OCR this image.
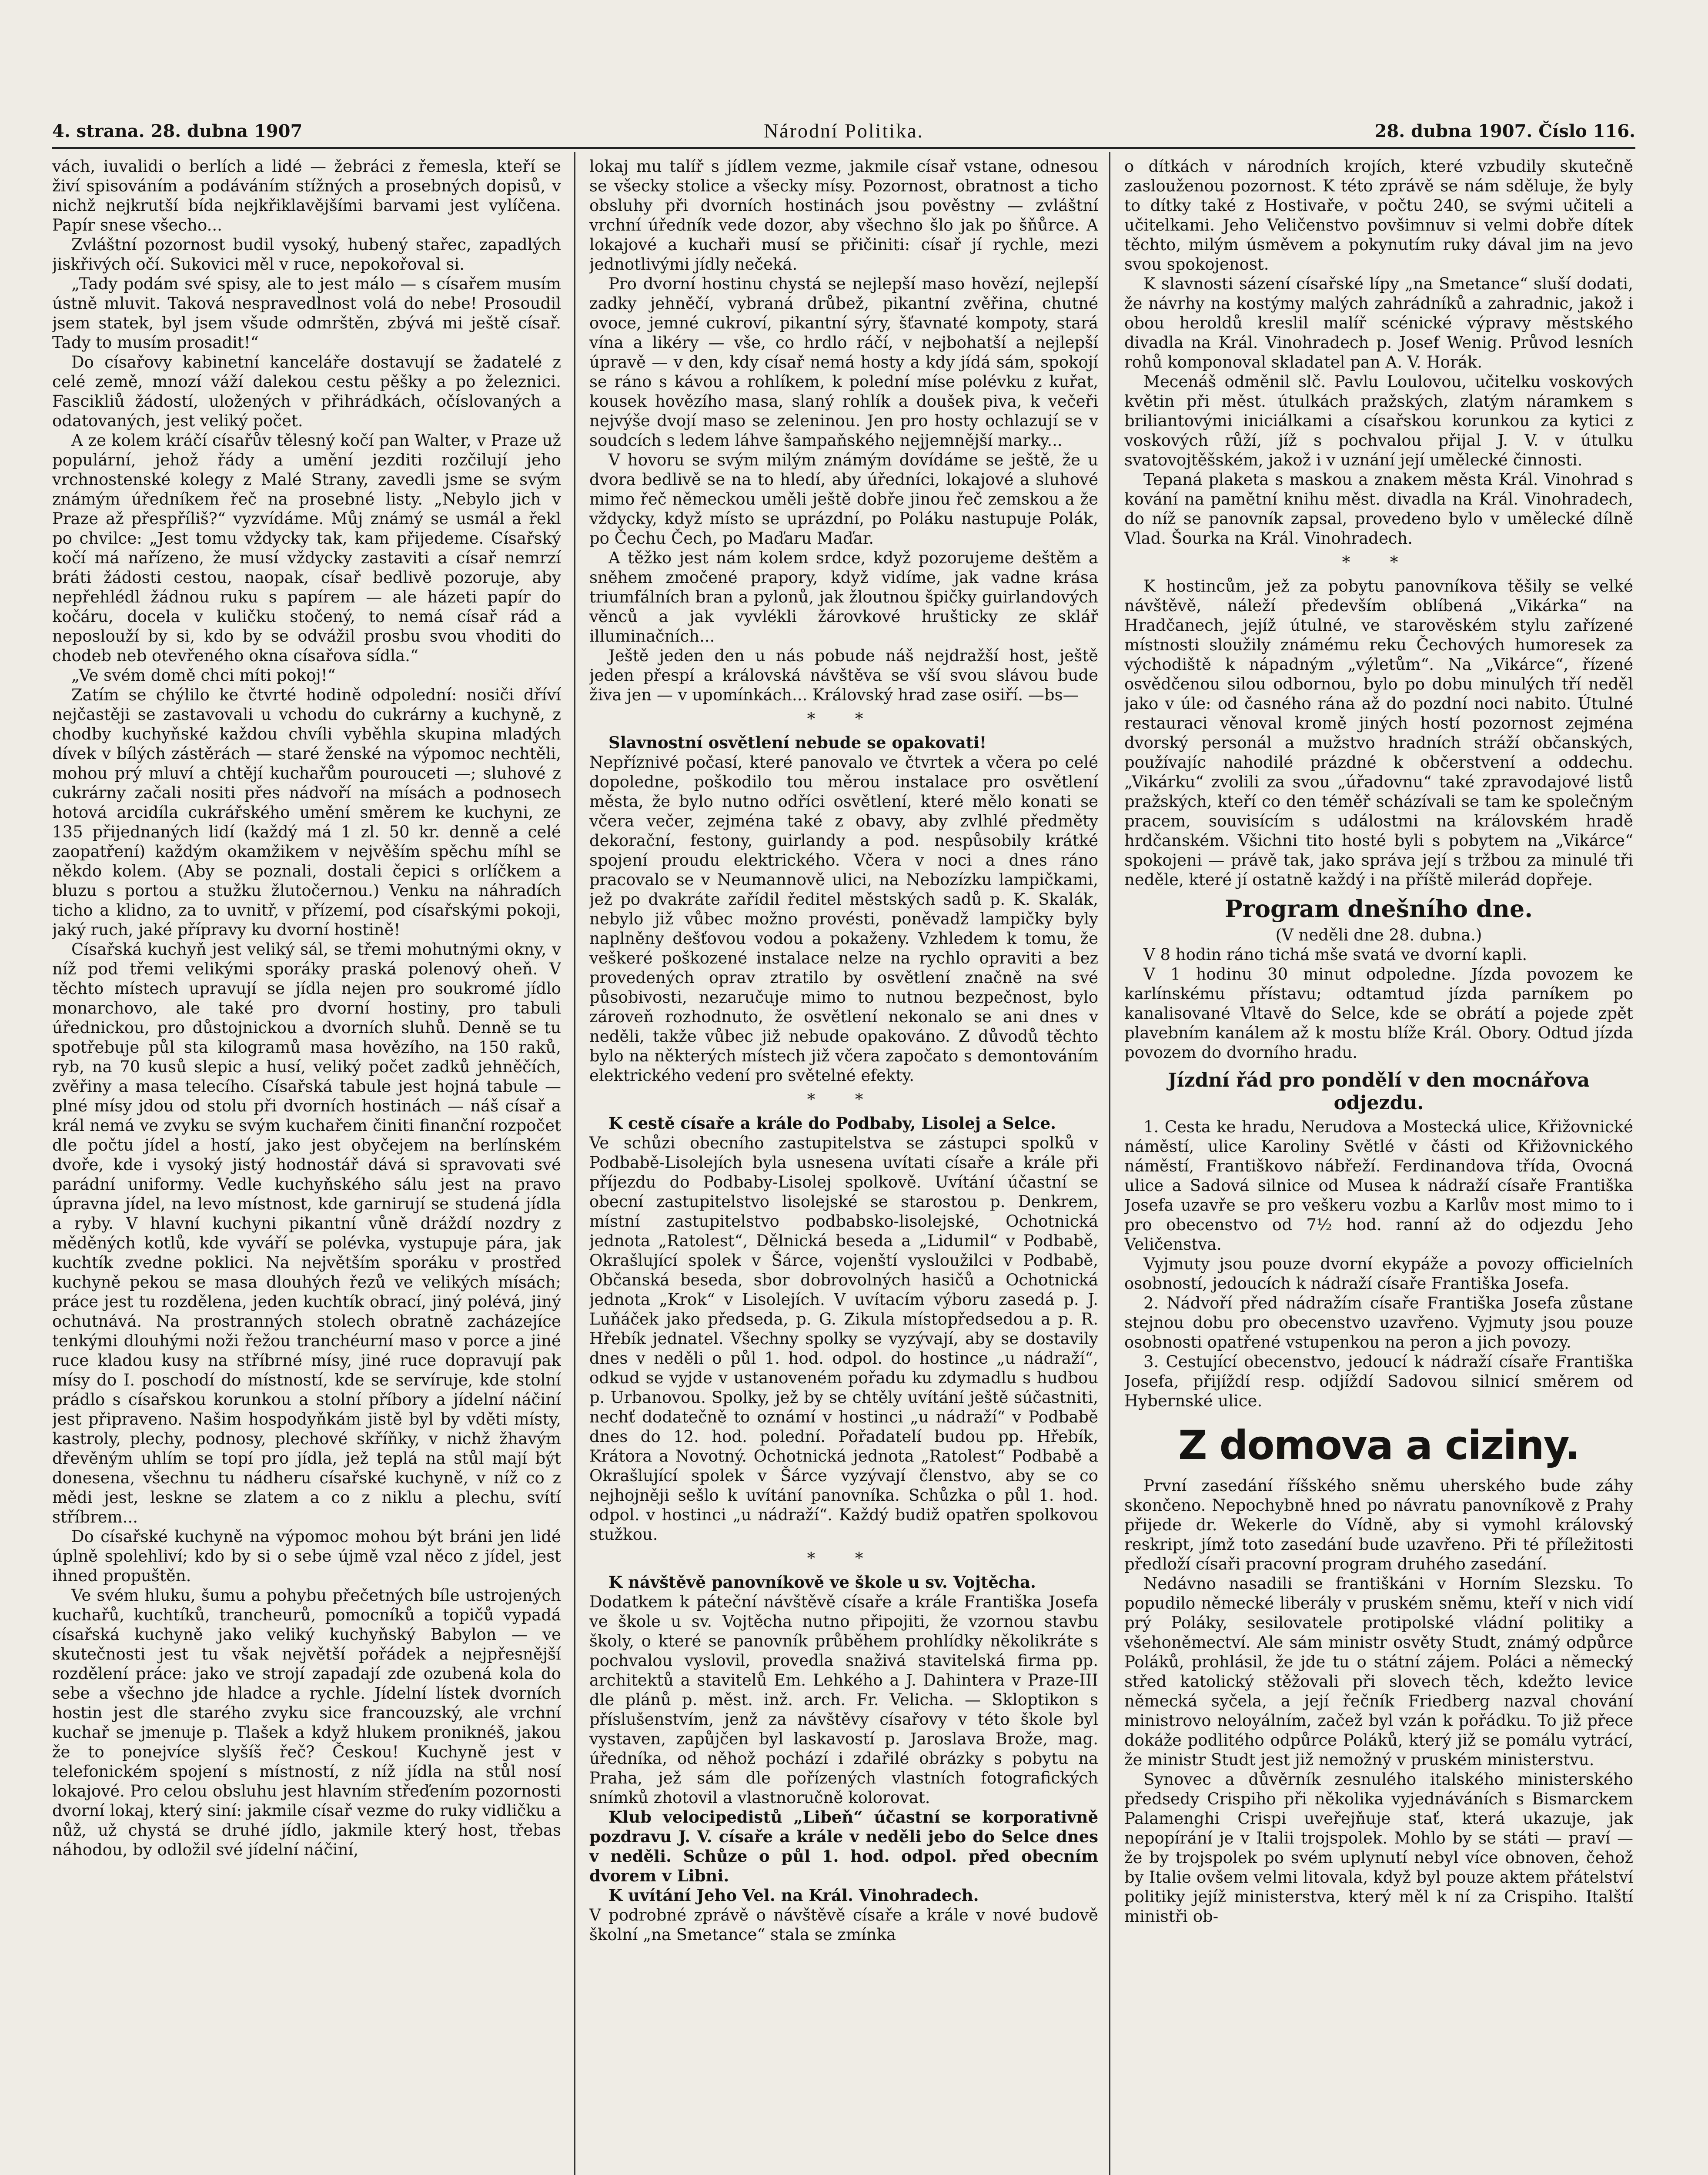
4. strana. 28. dubna 1907	Národní Politika.	28. dubna 1907. Číslo 116.

vách, iuvalidi o berlích a lidé — žebráci z řemesla, kteří se živí spisováním a podáváním stížných a prosebných dopisů, v nichž nejkrutší bída nejkřiklavějšími barvami jest vylíčena. Papír snese všecho...

Zvláštní pozornost budil vysoký, hubený stařec, zapadlých jiskřivých očí. Sukovici měl v ruce, nepokořoval si.

„Tady podám své spisy, ale to jest málo — s císařem musím ústně mluvit. Taková nespravedlnost volá do nebe! Prosoudil jsem statek, byl jsem všude odmrštěn, zbývá mi ještě císař. Tady to musím prosadit!“

Do císařovy kabinetní kanceláře dostavují se žadatelé z celé země, mnozí váží dalekou cestu pěšky a po železnici. Fascikliů žádostí, uložených v přihrádkách, očíslovaných a odatovaných, jest veliký počet.

A ze kolem kráčí císařův tělesný kočí pan Walter, v Praze už populární, jehož řády a umění jezditi rozčilují jeho vrchnostenské kolegy z Malé Strany, zavedli jsme se svým známým úředníkem řeč na prosebné listy. „Nebylo jich v Praze až přespříliš?“ vyzvídáme. Můj známý se usmál a řekl po chvilce: „Jest tomu vždycky tak, kam přijedeme. Císařský kočí má nařízeno, že musí vždycky zastaviti a císař nemrzí bráti žádosti cestou, naopak, císař bedlivě pozoruje, aby nepřehlédl žádnou ruku s papírem — ale házeti papír do kočáru, docela v kuličku stočený, to nemá císař rád a neposlouží by si, kdo by se odvážil prosbu svou vhoditi do chodeb neb otevřeného okna císařova sídla.“

„Ve svém domě chci míti pokoj!“

Zatím se chýlilo ke čtvrté hodině odpolední: nosiči dříví nejčastěji se zastavovali u vchodu do cukrárny a kuchyně, z chodby kuchyňské každou chvíli vyběhla skupina mladých dívek v bílých zástěrách — staré ženské na výpomoc nechtěli, mohou prý mluví a chtějí kuchařům pourouceti —; sluhové z cukrárny začali nositi přes nádvoří na mísách a podnosech hotová arcidíla cukrářského umění směrem ke kuchyni, ze 135 přijednaných lidí (každý má 1 zl. 50 kr. denně a celé zaopatření) každým okamžikem v nejvěším spěchu míhl se někdo kolem. (Aby se poznali, dostali čepici s orlíčkem a bluzu s portou a stužku žlutočernou.) Venku na náhradích ticho a klidno, za to uvnitř, v přízemí, pod císařskými pokoji, jaký ruch, jaké přípravy ku dvorní hostině!

Císařská kuchyň jest veliký sál, se třemi mohutnými okny, v níž pod třemi velikými sporáky praská polenový oheň. V těchto místech upravují se jídla nejen pro soukromé jídlo monarchovo, ale také pro dvorní hostiny, pro tabuli úřednickou, pro důstojnickou a dvorních sluhů. Denně se tu spotřebuje půl sta kilogramů masa hovězího, na 150 raků, ryb, na 70 kusů slepic a husí, veliký počet zadků jehněčích, zvěřiny a masa telecího. Císařská tabule jest hojná tabule — plné mísy jdou od stolu při dvorních hostinách — náš císař a král nemá ve zvyku se svým kuchařem činiti finanční rozpočet dle počtu jídel a hostí, jako jest obyčejem na berlínském dvoře, kde i vysoký jistý hodnostář dává si spravovati své parádní uniformy. Vedle kuchyňského sálu jest na pravo úpravna jídel, na levo místnost, kde garnirují se studená jídla a ryby. V hlavní kuchyni pikantní vůně dráždí nozdry z měděných kotlů, kde vyváří se polévka, vystupuje pára, jak kuchtík zvedne poklici. Na největším sporáku v prostřed kuchyně pekou se masa dlouhých řezů ve velikých mísách; práce jest tu rozdělena, jeden kuchtík obrací, jiný polévá, jiný ochutnává. Na prostranných stolech obratně zacházejíce tenkými dlouhými noži řežou tranchéurní maso v porce a jiné ruce kladou kusy na stříbrné mísy, jiné ruce dopravují pak mísy do I. poschodí do místností, kde se servíruje, kde stolní prádlo s císařskou korunkou a stolní příbory a jídelní náčiní jest připraveno. Našim hospodyňkám jistě byl by vděti místy, kastroly, plechy, podnosy, plechové skříňky, v nichž žhavým dřevěným uhlím se topí pro jídla, jež teplá na stůl mají být donesena, všechnu tu nádheru císařské kuchyně, v níž co z mědi jest, leskne se zlatem a co z niklu a plechu, svítí stříbrem...

Do císařské kuchyně na výpomoc mohou být bráni jen lidé úplně spolehliví; kdo by si o sebe újmě vzal něco z jídel, jest ihned propuštěn.

Ve svém hluku, šumu a pohybu přečetných bíle ustrojených kuchařů, kuchtíků, trancheurů, pomocníků a topičů vypadá císařská kuchyně jako veliký kuchyňský Babylon — ve skutečnosti jest tu však největší pořádek a nejpřesnější rozdělení práce: jako ve strojí zapadají zde ozubená kola do sebe a všechno jde hladce a rychle. Jídelní lístek dvorních hostin jest dle starého zvyku sice francouzský, ale vrchní kuchař se jmenuje p. Tlašek a když hlukem proniknéš, jakou že to ponejvíce slyšíš řeč? Českou! Kuchyně jest v telefonickém spojení s místností, z níž jídla na stůl nosí lokajové. Pro celou obsluhu jest hlavním střeďením pozornosti dvorní lokaj, který siní: jakmile císař vezme do ruky vidličku a nůž, už chystá se druhé jídlo, jakmile který host, třebas náhodou, by odložil své jídelní náčiní,

lokaj mu talíř s jídlem vezme, jakmile císař vstane, odnesou se všecky stolice a všecky mísy. Pozornost, obratnost a ticho obsluhy při dvorních hostinách jsou pověstny — zvláštní vrchní úředník vede dozor, aby všechno šlo jak po šňůrce. A lokajové a kuchaři musí se přičiniti: císař jí rychle, mezi jednotlivými jídly nečeká.

Pro dvorní hostinu chystá se nejlepší maso hovězí, nejlepší zadky jehněčí, vybraná drůbež, pikantní zvěřina, chutné ovoce, jemné cukroví, pikantní sýry, šťavnaté kompoty, stará vína a likéry — vše, co hrdlo ráčí, v nejbohatší a nejlepší úpravě — v den, kdy císař nemá hosty a kdy jídá sám, spokojí se ráno s kávou a rohlíkem, k polední míse polévku z kuřat, kousek hovězího masa, slaný rohlík a doušek piva, k večeři nejvýše dvojí maso se zeleninou. Jen pro hosty ochlazují se v soudcích s ledem láhve šampaňského nejjemnější marky...

V hovoru se svým milým známým dovídáme se ještě, že u dvora bedlivě se na to hledí, aby úředníci, lokajové a sluhové mimo řeč německou uměli ještě dobře jinou řeč zemskou a že vždycky, když místo se uprázdní, po Poláku nastupuje Polák, po Čechu Čech, po Maďaru Maďar.

A těžko jest nám kolem srdce, když pozorujeme deštěm a sněhem zmočené prapory, když vidíme, jak vadne krása triumfálních bran a pylonů, jak žloutnou špičky guirlandových věnců a jak vyvlékli žárovkové hrušticky ze sklář illuminačních...

Ještě jeden den u nás pobude náš nejdražší host, ještě jeden přespí a královská návštěva se vší svou slávou bude živa jen — v upomínkách... Královský hrad zase osiří. —bs—

* *

Slavnostní osvětlení nebude se opakovati!

Nepříznivé počasí, které panovalo ve čtvrtek a včera po celé dopoledne, poškodilo tou měrou instalace pro osvětlení města, že bylo nutno odříci osvětlení, které mělo konati se včera večer, zejména také z obavy, aby zvlhlé předměty dekorační, festony, guirlandy a pod. nespůsobily krátké spojení proudu elektrického. Včera v noci a dnes ráno pracovalo se v Neumannově ulici, na Nebozízku lampičkami, jež po dvakráte zařídil ředitel městských sadů p. K. Skalák, nebylo již vůbec možno provésti, poněvadž lampičky byly naplněny dešťovou vodou a pokaženy. Vzhledem k tomu, že veškeré poškozené instalace nelze na rychlo opraviti a bez provedených oprav ztratilo by osvětlení značně na své působivosti, nezaručuje mimo to nutnou bezpečnost, bylo zároveň rozhodnuto, že osvětlení nekonalo se ani dnes v neděli, takže vůbec již nebude opakováno. Z důvodů těchto bylo na některých místech již včera započato s demontováním elektrického vedení pro světelné efekty.

* *

K cestě císaře a krále do Podbaby, Lisolej a Selce.

Ve schůzi obecního zastupitelstva se zástupci spolků v Podbabě-Lisolejích byla usnesena uvítati císaře a krále při příjezdu do Podbaby-Lisolej spolkově. Uvítání účastní se obecní zastupitelstvo lisolejské se starostou p. Denkrem, místní zastupitelstvo podbabsko-lisolejské, Ochotnická jednota „Ratolest“, Dělnická beseda a „Lidumil“ v Podbabě, Okrašlující spolek v Šárce, vojenští vysloužilci v Podbabě, Občanská beseda, sbor dobrovolných hasičů a Ochotnická jednota „Krok“ v Lisolejích. V uvítacím výboru zasedá p. J. Luňáček jako předseda, p. G. Zikula místopředsedou a p. R. Hřebík jednatel. Všechny spolky se vyzývají, aby se dostavily dnes v neděli o půl 1. hod. odpol. do hostince „u nádraží“, odkud se vyjde v ustanoveném pořadu ku zdymadlu s hudbou p. Urbanovou. Spolky, jež by se chtěly uvítání ještě súčastniti, nechť dodatečně to oznámí v hostinci „u nádraží“ v Podbabě dnes do 12. hod. polední. Pořadatelí budou pp. Hřebík, Krátora a Novotný. Ochotnická jednota „Ratolest“ Podbabě a Okrašlující spolek v Šárce vyzývají členstvo, aby se co nejhojněji sešlo k uvítání panovníka. Schůzka o půl 1. hod. odpol. v hostinci „u nádraží“. Každý budiž opatřen spolkovou stužkou.

* *

K návštěvě panovníkově ve škole u sv. Vojtěcha.

Dodatkem k páteční návštěvě císaře a krále Františka Josefa ve škole u sv. Vojtěcha nutno připojiti, že vzornou stavbu školy, o které se panovník průběhem prohlídky několikráte s pochvalou vyslovil, provedla snaživá stavitelská firma pp. architektů a stavitelů Em. Lehkého a J. Dahintera v Praze-III dle plánů p. měst. inž. arch. Fr. Velicha. — Skloptikon s příslušenstvím, jenž za návštěvy císařovy v této škole byl vystaven, zapůjčen byl laskavostí p. Jaroslava Brože, mag. úředníka, od něhož pochází i zdařilé obrázky s pobytu na Praha, jež sám dle pořízených vlastních fotografických snímků zhotovil a vlastnoručně kolorovat.

Klub velocipedistů „Libeň“ účastní se korporativně pozdravu J. V. císaře a krále v neděli jebo do Selce dnes v neděli. Schůze o půl 1. hod. odpol. před obecním dvorem v Libni.

K uvítání Jeho Vel. na Král. Vinohradech.

V podrobné zprávě o návštěvě císaře a krále v nové budově školní „na Smetance“ stala se zmínka

o dítkách v národních krojích, které vzbudily skutečně zaslouženou pozornost. K této zprávě se nám sděluje, že byly to dítky také z Hostivaře, v počtu 240, se svými učiteli a učitelkami. Jeho Veličenstvo povšimnuv si velmi dobře dítek těchto, milým úsměvem a pokynutím ruky dával jim na jevo svou spokojenost.

K slavnosti sázení císařské lípy „na Smetance“ sluší dodati, že návrhy na kostýmy malých zahrádníků a zahradnic, jakož i obou heroldů kreslil malíř scénické výpravy městského divadla na Král. Vinohradech p. Josef Wenig. Průvod lesních rohů komponoval skladatel pan A. V. Horák.

Mecenáš odměnil slč. Pavlu Loulovou, učitelku voskových květin při měst. útulkách pražských, zlatým náramkem s briliantovými iniciálkami a císařskou korunkou za kytici z voskových růží, jíž s pochvalou přijal J. V. v útulku svatovojtěšském, jakož i v uznání její umělecké činnosti.

Tepaná plaketa s maskou a znakem města Král. Vinohrad s kování na pamětní knihu měst. divadla na Král. Vinohradech, do níž se panovník zapsal, provedeno bylo v umělecké dílně Vlad. Šourka na Král. Vinohradech.

* *

K hostincům, jež za pobytu panovníkova těšily se velké návštěvě, náleží především oblíbená „Vikárka“ na Hradčanech, jejíž útulné, ve starověském stylu zařízené místnosti sloužily známému reku Čechových humoresek za východiště k nápadným „výletům“. Na „Vikárce“, řízené osvědčenou silou odbornou, bylo po dobu minulých tří neděl jako v úle: od časného rána až do pozdní noci nabito. Útulné restauraci věnoval kromě jiných hostí pozornost zejména dvorský personál a mužstvo hradních stráží občanských, používajíc nahodilé prázdné k občerstvení a oddechu. „Vikárku“ zvolili za svou „úřadovnu“ také zpravodajové listů pražských, kteří co den téměř scházívali se tam ke společným pracem, souvisícím s událostmi na královském hradě hrdčanském. Všichni tito hosté byli s pobytem na „Vikárce“ spokojeni — právě tak, jako správa její s tržbou za minulé tři neděle, které jí ostatně každý i na příště milerád dopřeje.

Program dnešního dne.

(V neděli dne 28. dubna.)

V 8 hodin ráno tichá mše svatá ve dvorní kapli.

V 1 hodinu 30 minut odpoledne. Jízda povozem ke karlínskému přístavu; odtamtud jízda parníkem po kanalisované Vltavě do Selce, kde se obrátí a pojede zpět plavebním kanálem až k mostu blíže Král. Obory. Odtud jízda povozem do dvorního hradu.

Jízdní řád pro pondělí v den mocnářova odjezdu.

1. Cesta ke hradu, Nerudova a Mostecká ulice, Křižovnické náměstí, ulice Karoliny Světlé v části od Křižovnického náměstí, Františkovo nábřeží. Ferdinandova třída, Ovocná ulice a Sadová silnice od Musea k nádraží císaře Františka Josefa uzavře se pro veškeru vozbu a Karlův most mimo to i pro obecenstvo od 7½ hod. ranní až do odjezdu Jeho Veličenstva.

Vyjmuty jsou pouze dvorní ekypáže a povozy officielních osobností, jedoucích k nádraží císaře Františka Josefa.

2. Nádvoří před nádražím císaře Františka Josefa zůstane stejnou dobu pro obecenstvo uzavřeno. Vyjmuty jsou pouze osobnosti opatřené vstupenkou na peron a jich povozy.

3. Cestující obecenstvo, jedoucí k nádraží císaře Františka Josefa, přijíždí resp. odjíždí Sadovou silnicí směrem od Hybernské ulice.

Z domova a ciziny.

První zasedání říšského sněmu uherského bude záhy skončeno. Nepochybně hned po návratu panovníkově z Prahy přijede dr. Wekerle do Vídně, aby si vymohl královský reskript, jímž toto zasedání bude uzavřeno. Při té příležitosti předloží císaři pracovní program druhého zasedání.

Nedávno nasadili se františkáni v Horním Slezsku. To popudilo německé liberály v pruském sněmu, kteří v nich vidí prý Poláky, sesilovatele protipolské vládní politiky a všehoněmectví. Ale sám ministr osvěty Studt, známý odpůrce Poláků, prohlásil, že jde tu o státní zájem. Poláci a německý střed katolický stěžovali při slovech těch, kdežto levice německá syčela, a její řečník Friedberg nazval chování ministrovo neloyálním, začež byl vzán k pořádku. To již přece dokáže podlitého odpůrce Poláků, který již se pomálu vytrácí, že ministr Studt jest již nemožný v pruském ministerstvu.

Synovec a důvěrník zesnulého italského ministerského předsedy Crispiho při několika vyjednáváních s Bismarckem Palamenghi Crispi uveřejňuje stať, která ukazuje, jak nepopírání je v Italii trojspolek. Mohlo by se státi — praví — že by trojspolek po svém uplynutí nebyl více obnoven, čehož by Italie ovšem velmi litovala, když byl pouze aktem přátelství politiky jejíž ministerstva, který měl k ní za Crispiho. Italští ministři ob-
